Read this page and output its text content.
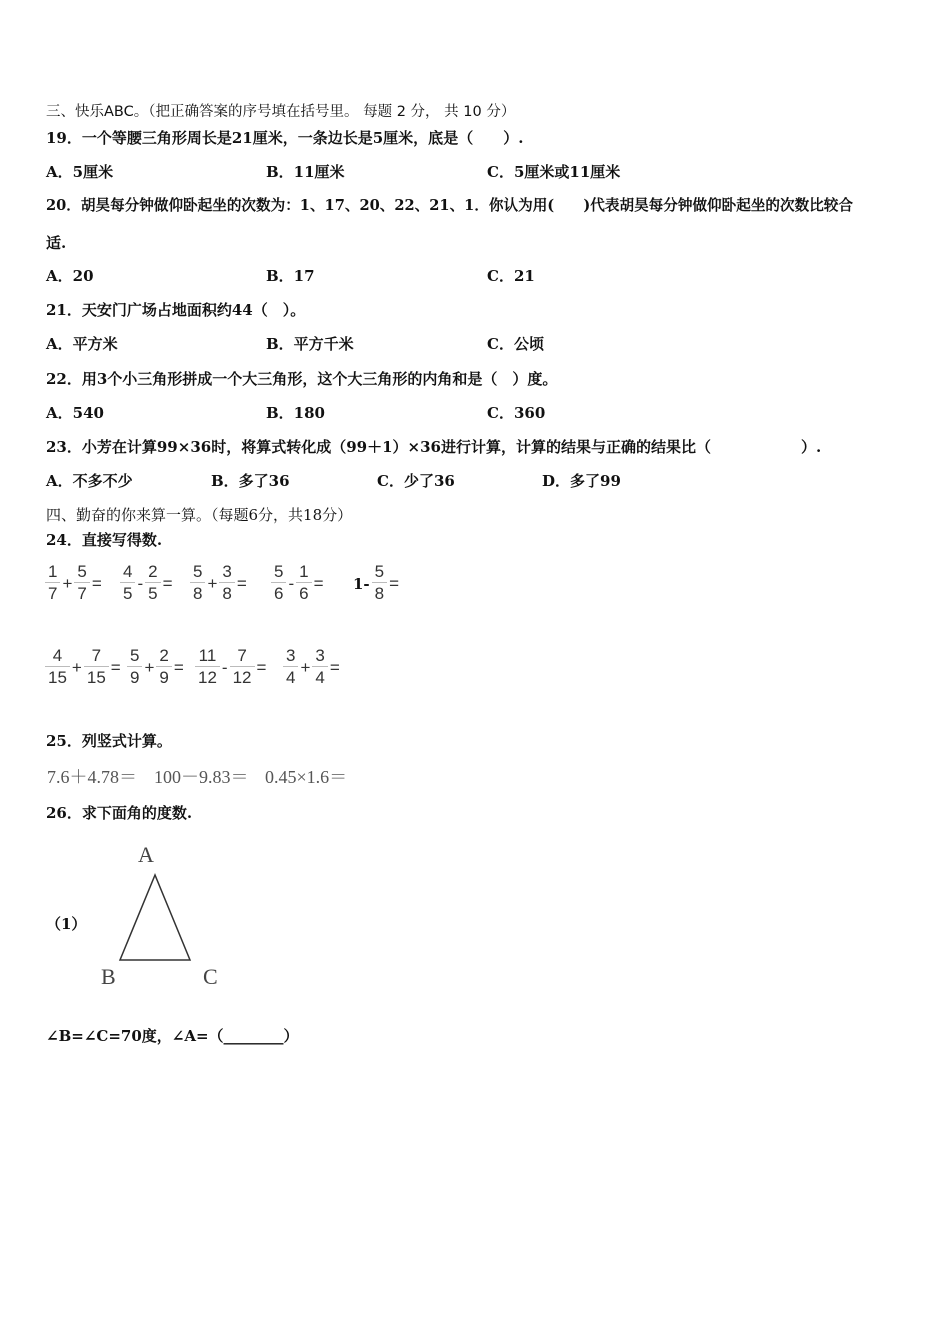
三、快乐ABC。（把正确答案的序号填在括号里。 每题 2 分， 共 10 分）
19．一个等腰三角形周长是21厘米，一条边长是5厘米，底是（　　）.
A．5厘米	B．11厘米	C．5厘米或11厘米
20．胡昊每分钟做仰卧起坐的次数为：1、17、20、22、21、1．你认为用(　　)代表胡昊每分钟做仰卧起坐的次数比较合
适.
A．20	B．17	C．21
21．天安门广场占地面积约44（　）。
A．平方米	B．平方千米	C．公顷
22．用3个小三角形拼成一个大三角形，这个大三角形的内角和是（　）度。
A．540	B．180	C．360
23．小芳在计算99×36时，将算式转化成（99＋1）×36进行计算，计算的结果与正确的结果比（　　　　　　）.
A．不多不少	B．多了36	C．少了36	D．多了99
四、勤奋的你来算一算。（每题6分，共18分）
24．直接写得数.
$\frac{1}{7} + \frac{5}{7} = \frac{4}{5} - \frac{2}{5} = \frac{5}{8} + \frac{3}{8} = \frac{5}{6} - \frac{1}{6} = 1- \frac{5}{8}$ =
$\frac{4}{15} + \frac{7}{15} = \frac{5}{9} + \frac{2}{9} = \frac{11}{12} - \frac{7}{12} = \frac{3}{4} + \frac{3}{4}$ =
25．列竖式计算。
7.6＋4.78＝ 100－9.83＝ 0.45×1.6＝
26．求下面角的度数.
（1）
A
B	C
∠B=∠C=70度，∠A=（________）
